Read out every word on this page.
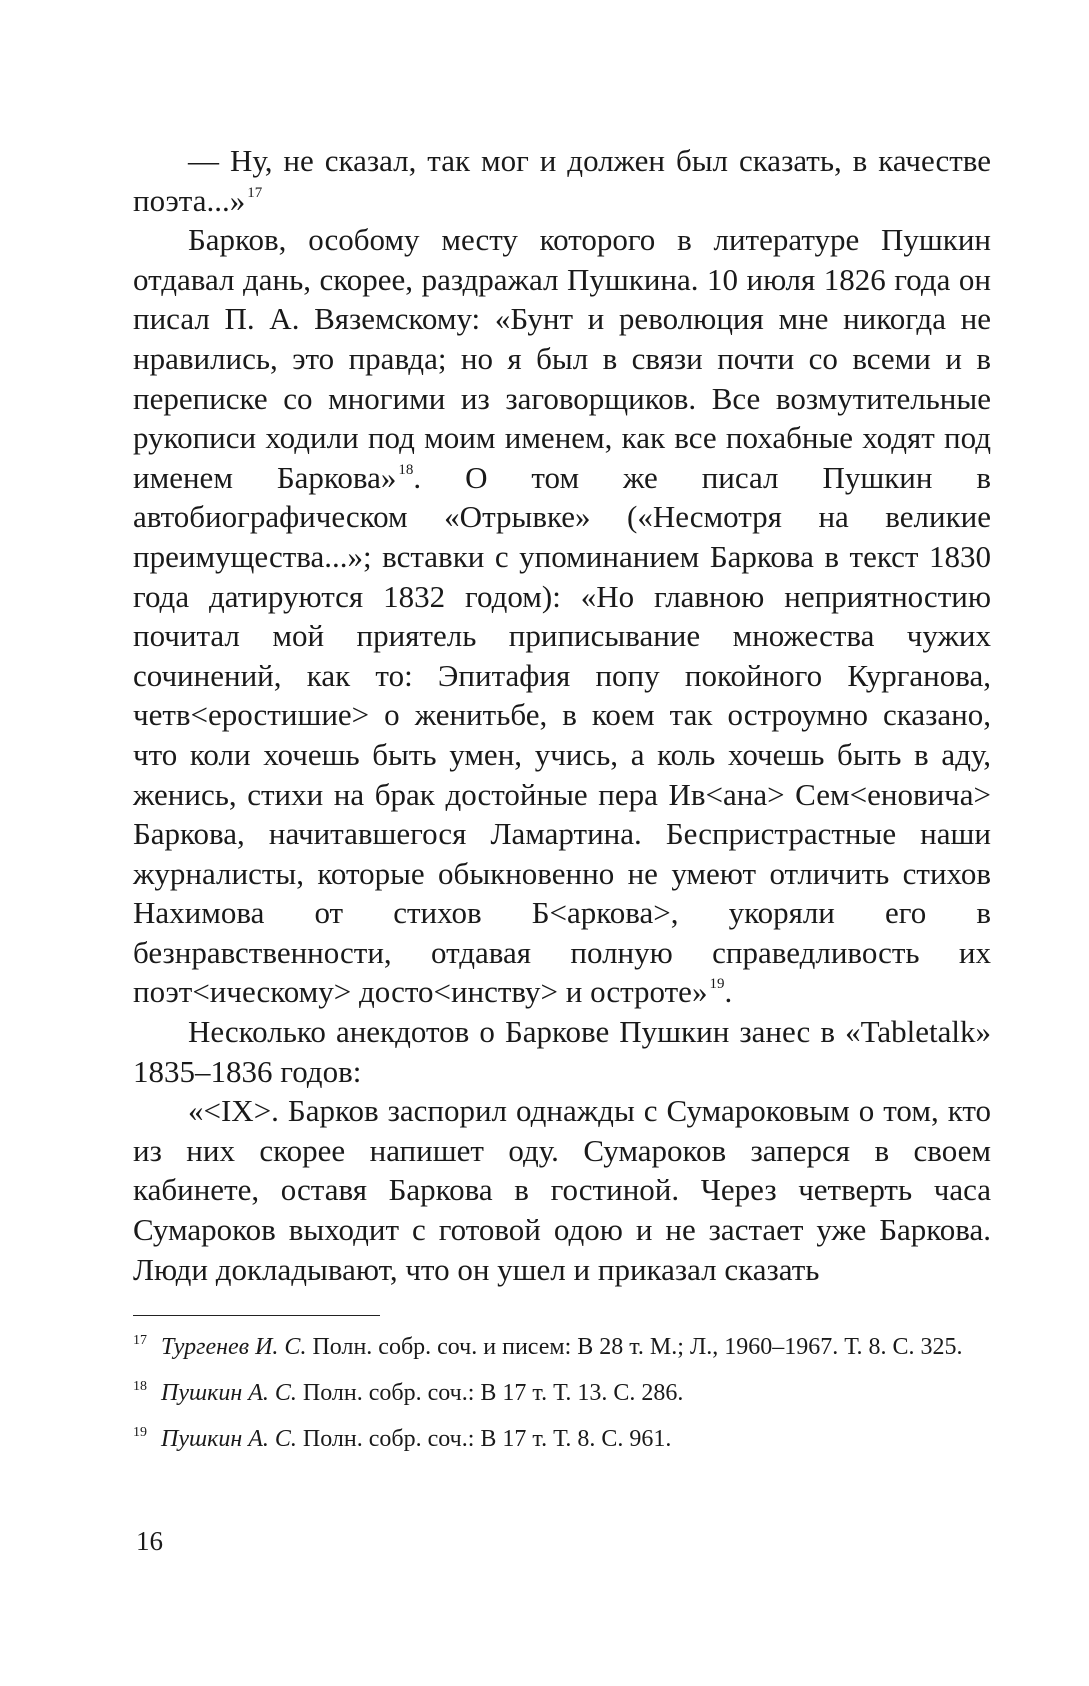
— Ну, не сказал, так мог и должен был сказать, в качестве поэта...» $^{17}$

Барков, особому месту которого в литературе Пушкин отдавал дань, скорее, раздражал Пушкина. 10 июля 1826 года он писал П. А. Вяземскому: «Бунт и революция мне никогда не нравились, это правда; но я был в связи почти со всеми и в переписке со многими из заговорщиков. Все возмутительные рукописи ходили под моим именем, как все похабные ходят под именем Баркова» $^{18}$. О том же писал Пушкин в автобиографическом «Отрывке» («Несмотря на великие преимущества...»; вставки с упоминанием Баркова в текст 1830 года датируются 1832 годом): «Но главною неприятностию почитал мой приятель приписывание множества чужих сочинений, как то: Эпитафия попу покойного Курганова, четв<еростишие> о женитьбе, в коем так остроумно сказано, что коли хочешь быть умен, учись, а коль хочешь быть в аду, женись, стихи на брак достойные пера Ив<ана> Сем<еновича> Баркова, начитавшегося Ламартина. Беспристрастные наши журналисты, которые обыкновенно не умеют отличить стихов Нахимова от стихов Б<аркова>, укоряли его в безнравственности, отдавая полную справедливость их поэт<ическому> досто<инству> и остроте» $^{19}$.

Несколько анекдотов о Баркове Пушкин занес в «Tabletalk» 1835–1836 годов:

«<IX>. Барков заспорил однажды с Сумароковым о том, кто из них скорее напишет оду. Сумароков заперся в своем кабинете, оставя Баркова в гостиной. Через четверть часа Сумароков выходит с готовой одою и не застает уже Баркова. Люди докладывают, что он ушел и приказал сказать

17 Тургенев И. С. Полн. собр. соч. и писем: В 28 т. М.; Л., 1960–1967. Т. 8. С. 325.
18 Пушкин А. С. Полн. собр. соч.: В 17 т. Т. 13. С. 286.
19 Пушкин А. С. Полн. собр. соч.: В 17 т. Т. 8. С. 961.
16
